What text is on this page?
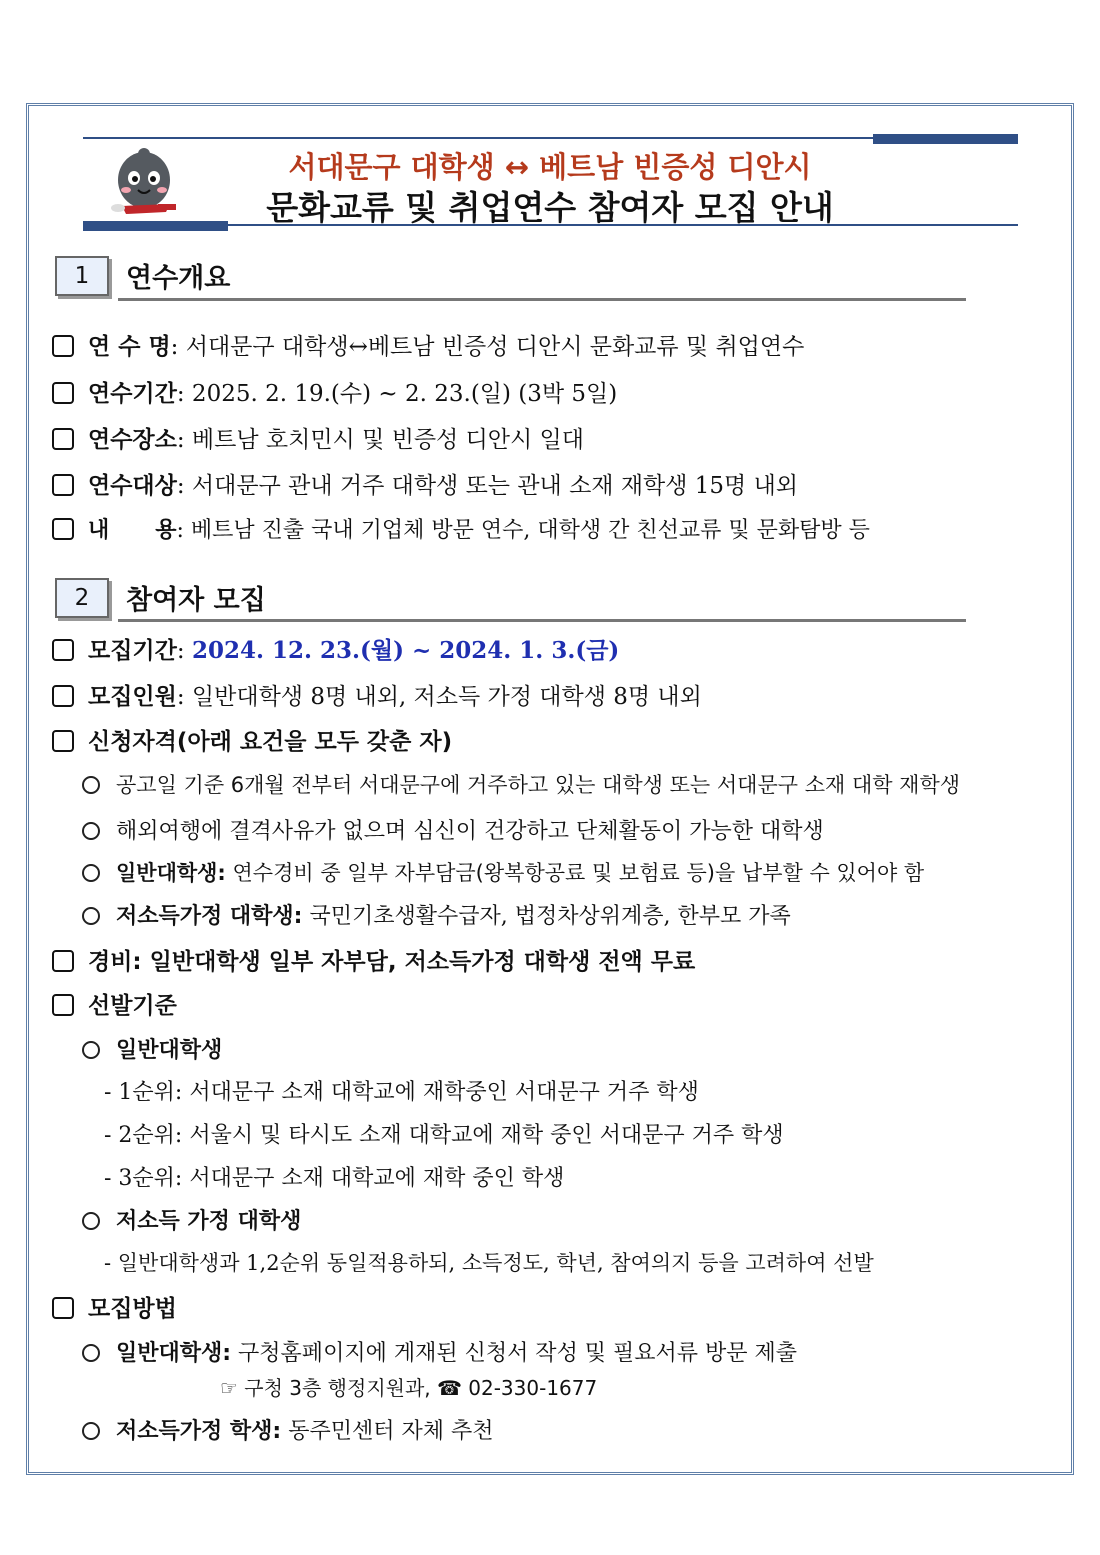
서대문구 대학생 ↔ 베트남 빈증성 디안시
문화교류 및 취업연수 참여자 모집 안내
1	연수개요
연 수 명: 서대문구 대학생↔베트남 빈증성 디안시 문화교류 및 취업연수
연수기간: 2025. 2. 19.(수) ~ 2. 23.(일) (3박 5일)
연수장소: 베트남 호치민시 및 빈증성 디안시 일대
연수대상: 서대문구 관내 거주 대학생 또는 관내 소재 재학생 15명 내외
내      용: 베트남 진출 국내 기업체 방문 연수, 대학생 간 친선교류 및 문화탐방 등
2	참여자 모집
모집기간: 2024. 12. 23.(월) ~ 2024. 1. 3.(금)
모집인원: 일반대학생 8명 내외, 저소득 가정 대학생 8명 내외
신청자격(아래 요건을 모두 갖춘 자)
공고일 기준 6개월 전부터 서대문구에 거주하고 있는 대학생 또는 서대문구 소재 대학 재학생
해외여행에 결격사유가 없으며 심신이 건강하고 단체활동이 가능한 대학생
일반대학생: 연수경비 중 일부 자부담금(왕복항공료 및 보험료 등)을 납부할 수 있어야 함
저소득가정 대학생: 국민기초생활수급자, 법정차상위계층, 한부모 가족
경비: 일반대학생 일부 자부담, 저소득가정 대학생 전액 무료
선발기준
일반대학생
- 1순위: 서대문구 소재 대학교에 재학중인 서대문구 거주 학생
- 2순위: 서울시 및 타시도 소재 대학교에 재학 중인 서대문구 거주 학생
- 3순위: 서대문구 소재 대학교에 재학 중인 학생
저소득 가정 대학생
- 일반대학생과 1,2순위 동일적용하되, 소득정도, 학년, 참여의지 등을 고려하여 선발
모집방법
일반대학생: 구청홈페이지에 게재된 신청서 작성 및 필요서류 방문 제출
☞ 구청 3층 행정지원과, ☎ 02-330-1677
저소득가정 학생: 동주민센터 자체 추천
